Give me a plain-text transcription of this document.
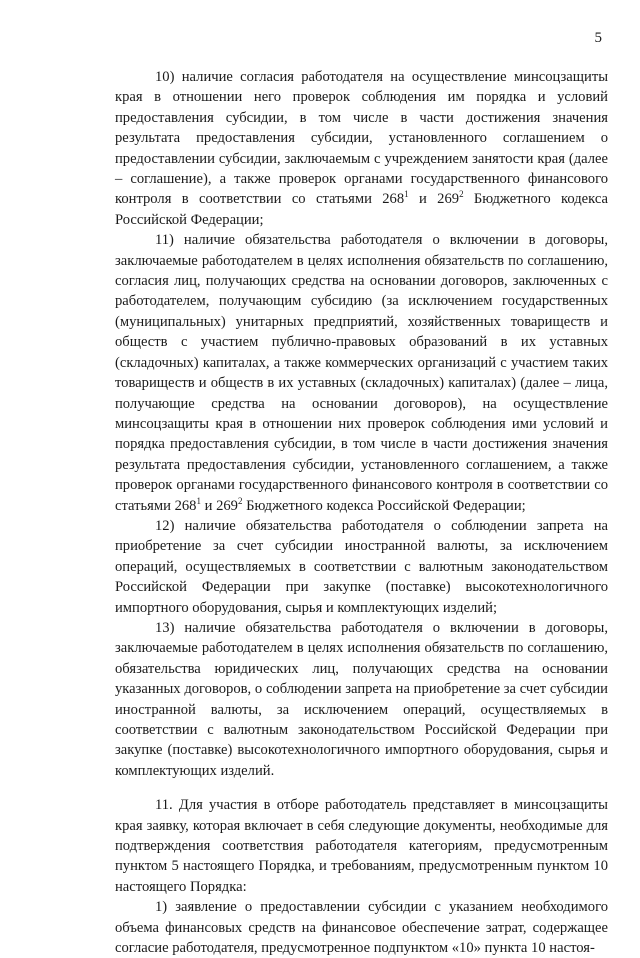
5

10) наличие согласия работодателя на осуществление минсоцзащиты края в отношении него проверок соблюдения им порядка и условий предоставления субсидии, в том числе в части достижения значения результата предоставления субсидии, установленного соглашением о предоставлении субсидии, заключаемым с учреждением занятости края (далее – соглашение), а также проверок органами государственного финансового контроля в соответствии со статьями $268^1$ и $269^2$ Бюджетного кодекса Российской Федерации;

11) наличие обязательства работодателя о включении в договоры, заключаемые работодателем в целях исполнения обязательств по соглашению, согласия лиц, получающих средства на основании договоров, заключенных с работодателем, получающим субсидию (за исключением государственных (муниципальных) унитарных предприятий, хозяйственных товариществ и обществ с участием публично-правовых образований в их уставных (складочных) капиталах, а также коммерческих организаций с участием таких товариществ и обществ в их уставных (складочных) капиталах) (далее – лица, получающие средства на основании договоров), на осуществление минсоцзащиты края в отношении них проверок соблюдения ими условий и порядка предоставления субсидии, в том числе в части достижения значения результата предоставления субсидии, установленного соглашением, а также проверок органами государственного финансового контроля в соответствии со статьями $268^1$ и $269^2$ Бюджетного кодекса Российской Федерации;

12) наличие обязательства работодателя о соблюдении запрета на приобретение за счет субсидии иностранной валюты, за исключением операций, осуществляемых в соответствии с валютным законодательством Российской Федерации при закупке (поставке) высокотехнологичного импортного оборудования, сырья и комплектующих изделий;

13) наличие обязательства работодателя о включении в договоры, заключаемые работодателем в целях исполнения обязательств по соглашению, обязательства юридических лиц, получающих средства на основании указанных договоров, о соблюдении запрета на приобретение за счет субсидии иностранной валюты, за исключением операций, осуществляемых в соответствии с валютным законодательством Российской Федерации при закупке (поставке) высокотехнологичного импортного оборудования, сырья и комплектующих изделий.

11. Для участия в отборе работодатель представляет в минсоцзащиты края заявку, которая включает в себя следующие документы, необходимые для подтверждения соответствия работодателя категориям, предусмотренным пунктом 5 настоящего Порядка, и требованиям, предусмотренным пунктом 10 настоящего Порядка:

1) заявление о предоставлении субсидии с указанием необходимого объема финансовых средств на финансовое обеспечение затрат, содержащее согласие работодателя, предусмотренное подпунктом «10» пункта 10 настоя-
